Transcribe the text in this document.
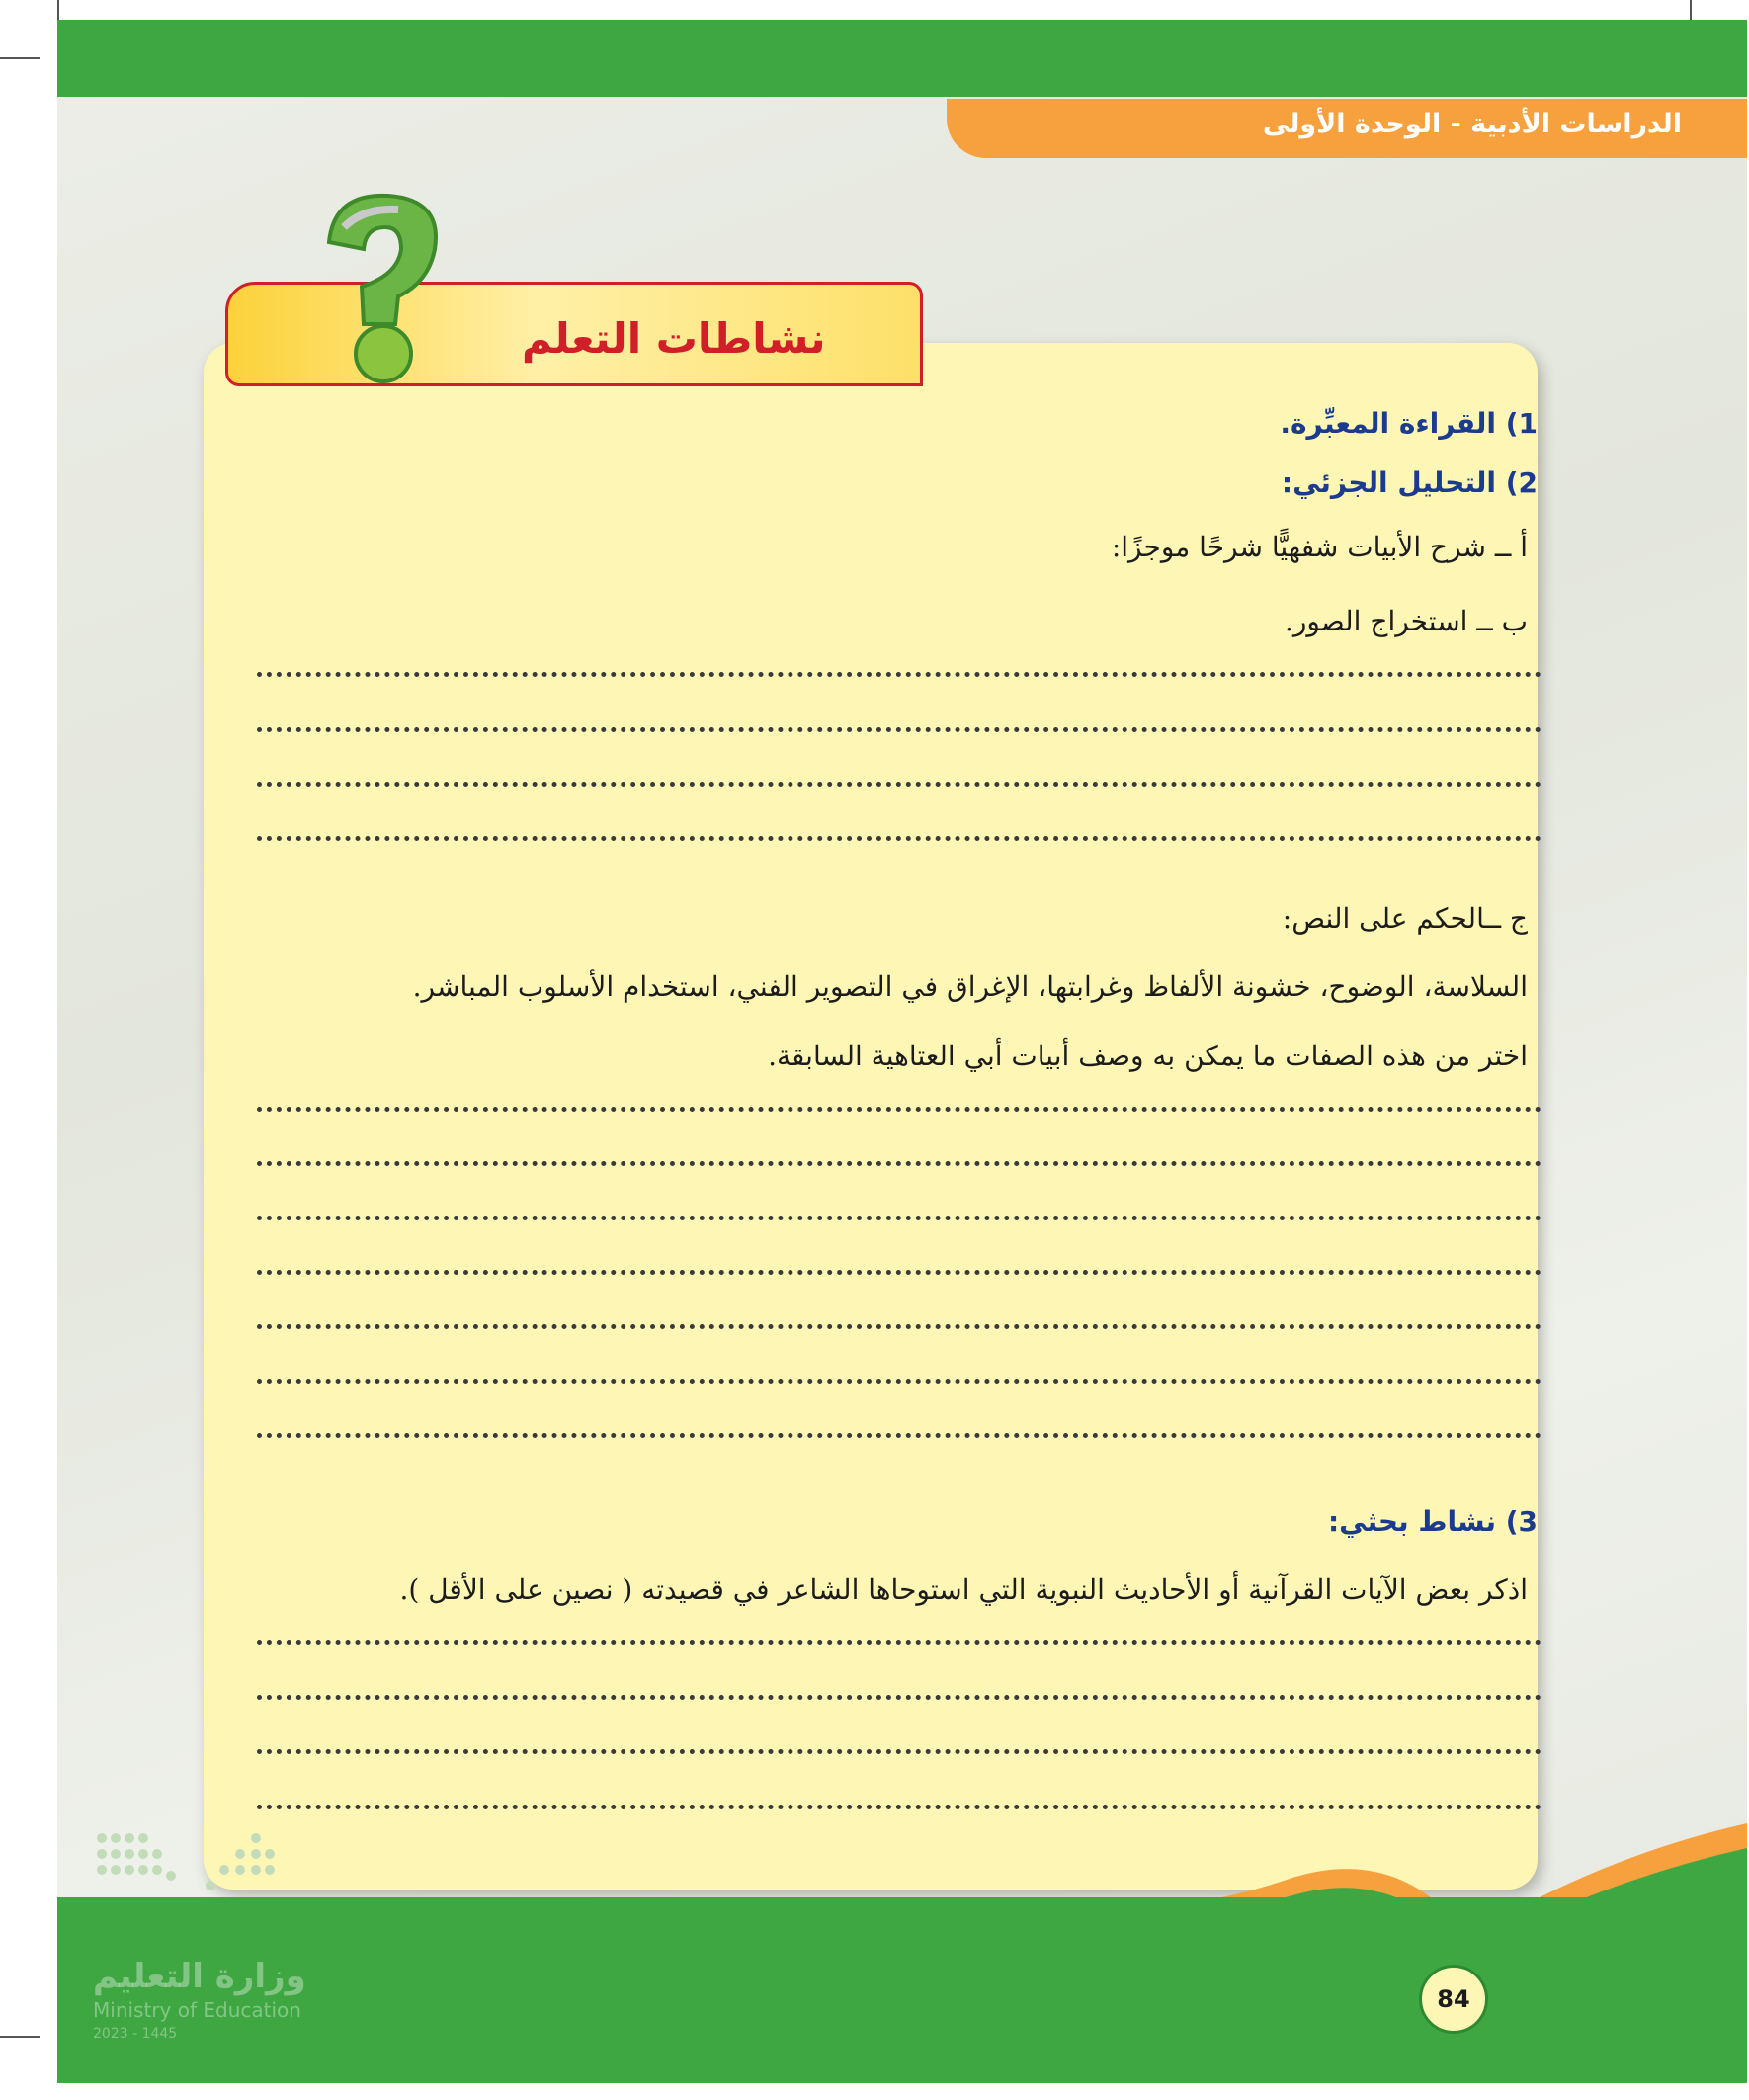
الدراسات الأدبية - الوحدة الأولى
نشاطات التعلم
1) القراءة المعبِّرة.
2) التحليل الجزئي:
أ ــ شرح الأبيات شفهيًّا شرحًا موجزًا:
ب ــ استخراج الصور.
ج ــالحكم على النص:
السلاسة، الوضوح، خشونة الألفاظ وغرابتها، الإغراق في التصوير الفني، استخدام الأسلوب المباشر.
اختر من هذه الصفات ما يمكن به وصف أبيات أبي العتاهية السابقة.
3) نشاط بحثي:
اذكر بعض الآيات القرآنية أو الأحاديث النبوية التي استوحاها الشاعر في قصيدته ( نصين على الأقل ).
وزارة التعليم
Ministry of Education
2023 - 1445
84
